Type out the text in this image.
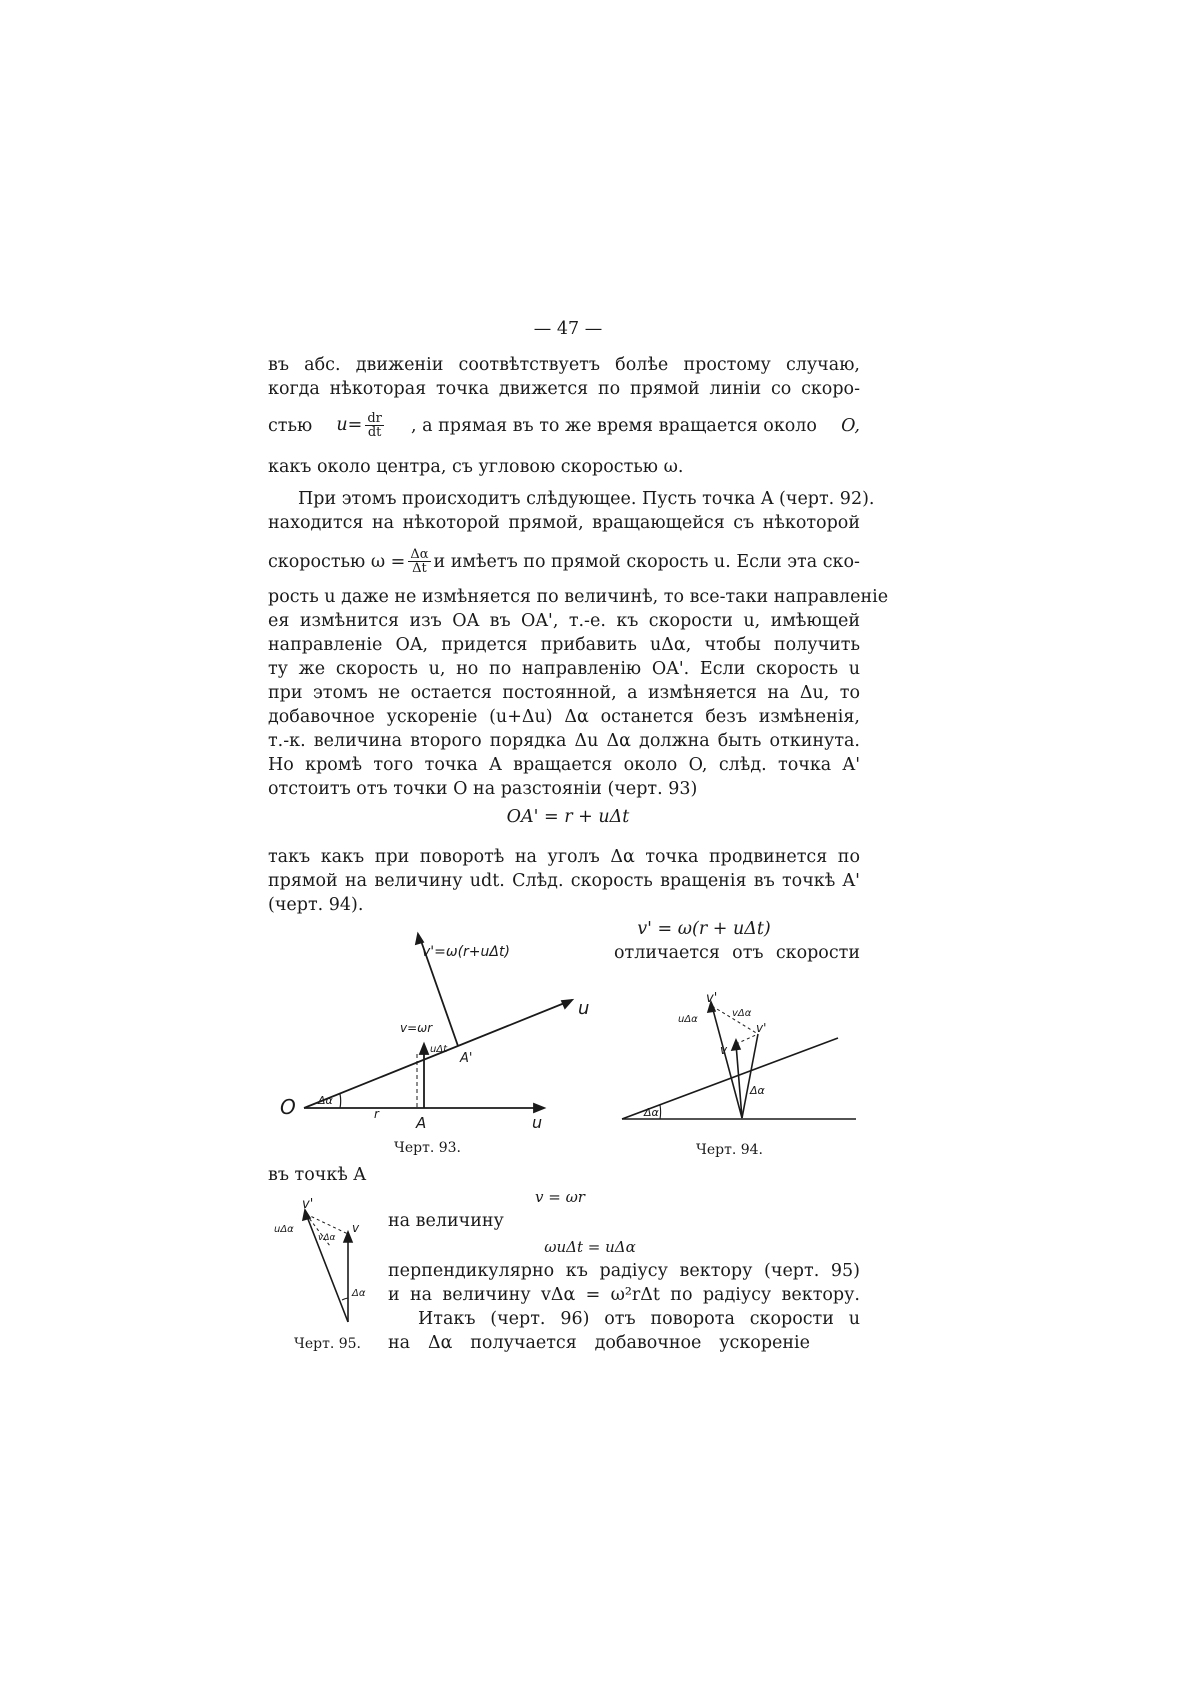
— 47 —
въ абс. движеніи соотвѣтствуетъ болѣе простому случаю,
когда нѣкоторая точка движется по прямой линіи со скоро-
стью $u= \frac{dr}{dt}$ , а прямая въ то же время вращается около O,
какъ около центра, съ угловою скоростью ω.
При этомъ происходитъ слѣдующее. Пусть точка A (черт. 92).
находится на нѣкоторой прямой, вращающейся съ нѣкоторой
скоростью $\omega = \frac{\Delta\alpha}{\Delta t}$ и имѣетъ по прямой скорость u. Если эта ско-
рость u даже не измѣняется по величинѣ, то все-таки направленіе
ея измѣнится изъ OA въ OA', т.-е. къ скорости u, имѣющей
направленіе OA, придется прибавить uΔα, чтобы получить
ту же скорость u, но по направленію OA'. Если скорость u
при этомъ не остается постоянной, а измѣняется на Δu, то
добавочное ускореніе (u+Δu) Δα останется безъ измѣненія,
т.-к. величина второго порядка Δu Δα должна быть откинута.
Но кромѣ того точка A вращается около O, слѣд. точка A'
отстоитъ отъ точки O на разстояніи (черт. 93)
OA' = r + uΔt
такъ какъ при поворотѣ на уголъ Δα точка продвинется по
прямой на величину udt. Слѣд. скорость вращенія въ точкѣ A'
(черт. 94).
v' = ω(r + uΔt)
отличается отъ скорости
v'=ω(r+uΔt)
v=ωr
uΔt
A'
u
O Δα
r A	u
Черт. 93.
v'
uΔα
vΔα
v'
v
Δα
Δα
Черт. 94.
въ точкѣ A
v = ωr
на величину
ωuΔt = uΔα
перпендикулярно къ радіусу вектору (черт. 95)
и на величину vΔα = ω²rΔt по радіусу вектору.
Итакъ (черт. 96) отъ поворота скорости u
на Δα получается добавочное ускореніе
v'
uΔα
vΔα
v
Δα
Черт. 95.
